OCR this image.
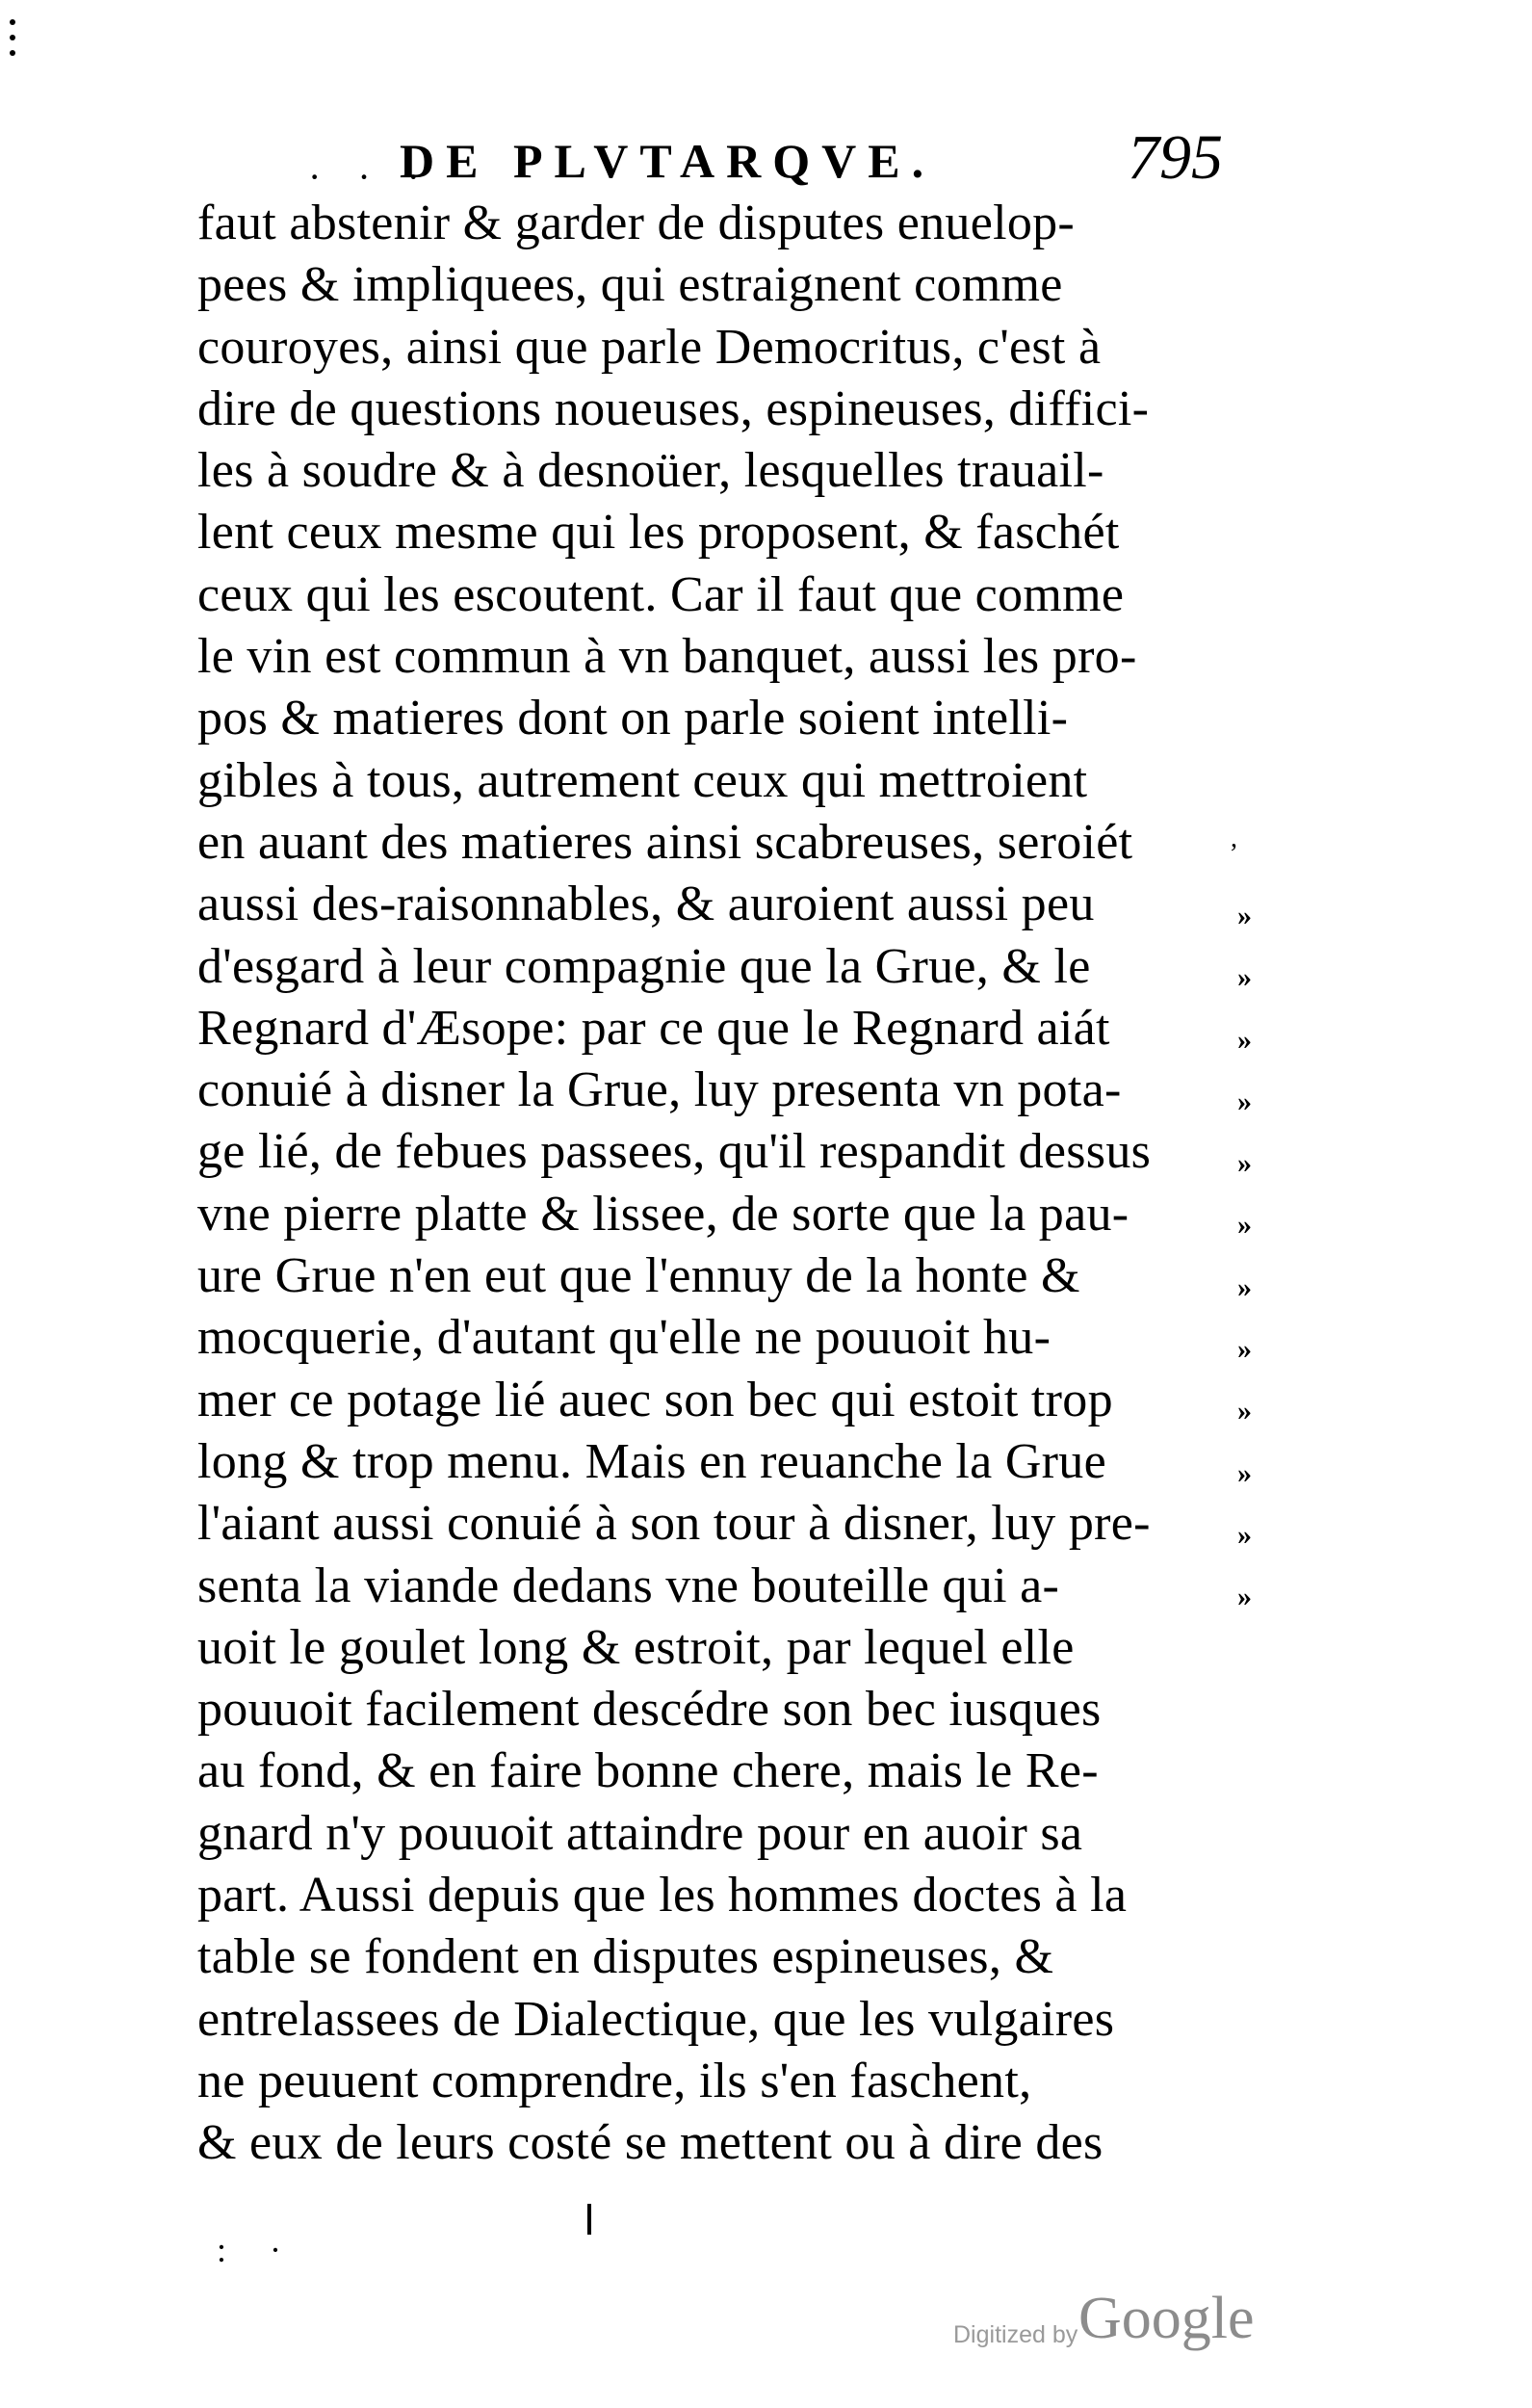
· · ·
DE PLVTARQVE.	795
faut abstenir & garder de disputes enuelop-
pees & impliquees, qui estraignent comme
couroyes, ainsi que parle Democritus, c'est à
dire de questions noueuses, espineuses, diffici-
les à soudre & à desnoüer, lesquelles trauail-
lent ceux mesme qui les proposent, & faschét
ceux qui les escoutent. Car il faut que comme
le vin est commun à vn banquet, aussi les pro-
pos & matieres dont on parle soient intelli-
gibles à tous, autrement ceux qui mettroient
en auant des matieres ainsi scabreuses, seroiét
aussi des-raisonnables, & auroient aussi peu
d'esgard à leur compagnie que la Grue, & le
Regnard d'Æsope: par ce que le Regnard aiát
conuié à disner la Grue, luy presenta vn pota-
ge lié, de febues passees, qu'il respandit dessus
vne pierre platte & lissee, de sorte que la pau-
ure Grue n'en eut que l'ennuy de la honte &
mocquerie, d'autant qu'elle ne pouuoit hu-
mer ce potage lié auec son bec qui estoit trop
long & trop menu. Mais en reuanche la Grue
l'aiant aussi conuié à son tour à disner, luy pre-
senta la viande dedans vne bouteille qui a-
uoit le goulet long & estroit, par lequel elle
pouuoit facilement descédre son bec iusques
au fond, & en faire bonne chere, mais le Re-
gnard n'y pouuoit attaindre pour en auoir sa
part. Aussi depuis que les hommes doctes à la
table se fondent en disputes espineuses, &
entrelassees de Dialectique, que les vulgaires
ne peuuent comprendre, ils s'en faschent,
& eux de leurs costé se mettent ou à dire des
,
»
»
»
»
»
»
»
»
»
»
»
»
: ·
Digitized by Google
